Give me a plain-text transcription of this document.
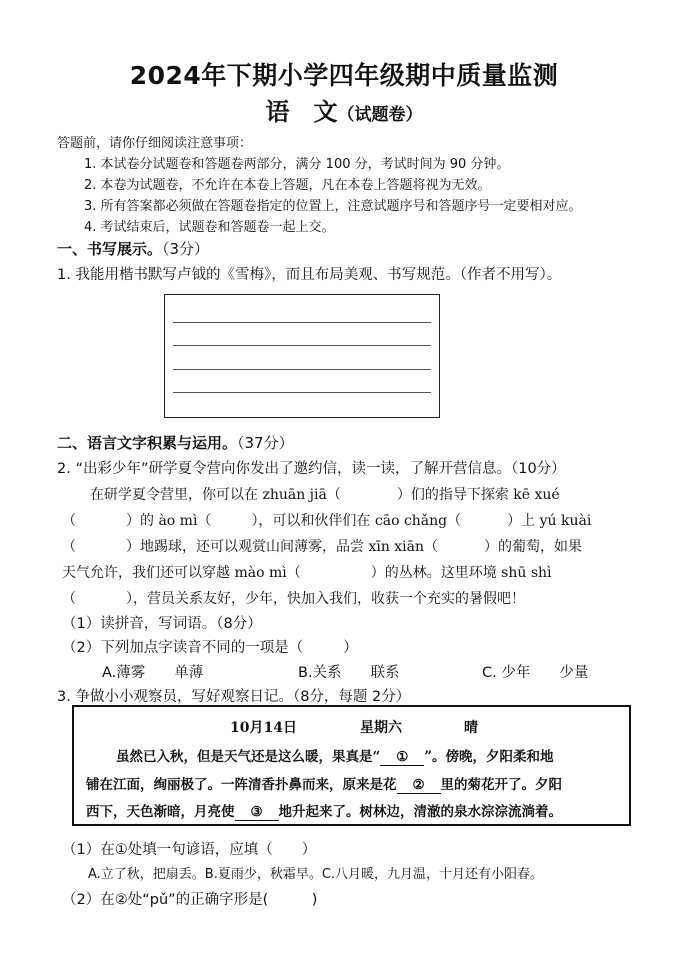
2024年下期小学四年级期中质量监测
语　文（试题卷）
答题前，请你仔细阅读注意事项：
1. 本试卷分试题卷和答题卷两部分，满分 100 分，考试时间为 90 分钟。
2. 本卷为试题卷，不允许在本卷上答题，凡在本卷上答题将视为无效。
3. 所有答案都必须做在答题卷指定的位置上，注意试题序号和答题序号一定要相对应。
4. 考试结束后，试题卷和答题卷一起上交。
一、书写展示。（3分）
1. 我能用楷书默写卢钺的《雪梅》，而且布局美观、书写规范。（作者不用写）。
二、语言文字积累与运用。（37分）
2. “出彩少年”研学夏令营向你发出了邀约信，读一读，了解开营信息。（10分）
在研学夏令营里，你可以在 zhuān jiā（	）们的指导下探索 kē xué
（	）的 ào mì（	），可以和伙伴们在 cāo chǎng（	）上 yú kuài
（	）地踢球，还可以观赏山间薄雾，品尝 xīn xiān（	）的葡萄，如果
天气允许，我们还可以穿越 mào mì（	）的丛林。这里环境 shū shì
（	），营员关系友好，少年，快加入我们，收获一个充实的暑假吧！
（1）读拼音，写词语。（8分）
（2）下列加点字读音不同的一项是（	）
A.薄雾　　单薄	B.关系　　联系	C. 少年　　少量
3. 争做小小观察员，写好观察日记。（8分，每题 2分）
10月14日	星期六	晴
虽然已入秋，但是天气还是这么暖，果真是“ ① ”。傍晚，夕阳柔和地
铺在江面，绚丽极了。一阵清香扑鼻而来，原来是花 ② 里的菊花开了。夕阳
西下，天色渐暗，月亮使 ③ 地升起来了。树林边，清澈的泉水淙淙流淌着。
（1）在①处填一句谚语，应填（　　）
A.立了秋，把扇丢。B.夏雨少，秋霜早。C.八月暖，九月温，十月还有小阳春。
（2）在②处“pǔ”的正确字形是(　　　)
